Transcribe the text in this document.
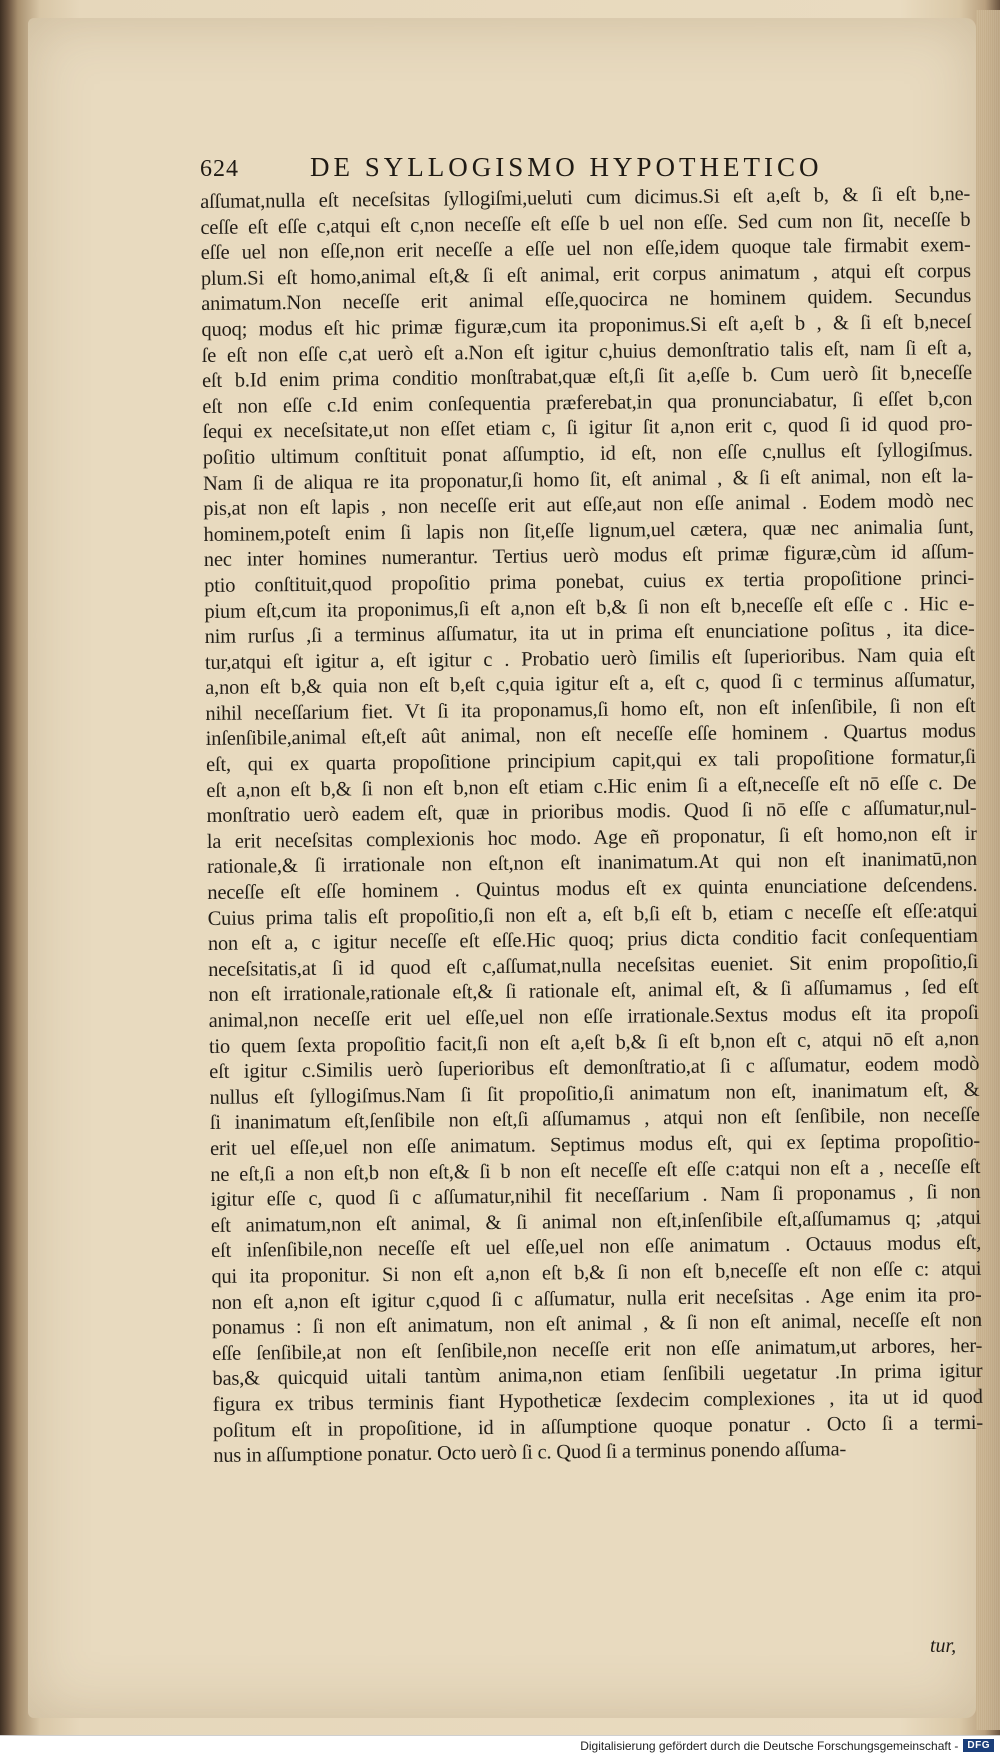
624	DE SYLLOGISMO HYPOTHETICO
aſſumat,nulla eſt neceſsitas ſyllogiſmi,ueluti cum dicimus.Si eſt a,eſt b, & ſi eſt b,ne-
ceſſe eſt eſſe c,atqui eſt c,non neceſſe eſt eſſe b uel non eſſe. Sed cum non ſit, neceſſe b
eſſe uel non eſſe,non erit neceſſe a eſſe uel non eſſe,idem quoque tale firmabit exem-
plum.Si eſt homo,animal eſt,& ſi eſt animal, erit corpus animatum , atqui eſt corpus
animatum.Non neceſſe erit animal eſſe,quocirca ne hominem quidem. Secundus
quoq; modus eſt hic primæ figuræ,cum ita proponimus.Si eſt a,eſt b , & ſi eſt b,neceſ
ſe eſt non eſſe c,at uerò eſt a.Non eſt igitur c,huius demonſtratio talis eſt, nam ſi eſt a,
eſt b.Id enim prima conditio monſtrabat,quæ eſt,ſi ſit a,eſſe b. Cum uerò ſit b,neceſſe
eſt non eſſe c.Id enim conſequentia præferebat,in qua pronunciabatur, ſi eſſet b,con
ſequi ex neceſsitate,ut non eſſet etiam c, ſi igitur ſit a,non erit c, quod ſi id quod pro-
poſitio ultimum conſtituit ponat aſſumptio, id eſt, non eſſe c,nullus eſt ſyllogiſmus.
Nam ſi de aliqua re ita proponatur,ſi homo ſit, eſt animal , & ſi eſt animal, non eſt la-
pis,at non eſt lapis , non neceſſe erit aut eſſe,aut non eſſe animal . Eodem modò nec
hominem,poteſt enim ſi lapis non ſit,eſſe lignum,uel cætera, quæ nec animalia ſunt,
nec inter homines numerantur. Tertius uerò modus eſt primæ figuræ,cùm id aſſum-
ptio conſtituit,quod propoſitio prima ponebat, cuius ex tertia propoſitione princi-
pium eſt,cum ita proponimus,ſi eſt a,non eſt b,& ſi non eſt b,neceſſe eſt eſſe c . Hic e-
nim rurſus ,ſi a terminus aſſumatur, ita ut in prima eſt enunciatione poſitus , ita dice-
tur,atqui eſt igitur a, eſt igitur c . Probatio uerò ſimilis eſt ſuperioribus. Nam quia eſt
a,non eſt b,& quia non eſt b,eſt c,quia igitur eſt a, eſt c, quod ſi c terminus aſſumatur,
nihil neceſſarium fiet. Vt ſi ita proponamus,ſi homo eſt, non eſt inſenſibile, ſi non eſt
inſenſibile,animal eſt,eſt aût animal, non eſt neceſſe eſſe hominem . Quartus modus
eſt, qui ex quarta propoſitione principium capit,qui ex tali propoſitione formatur,ſi
eſt a,non eſt b,& ſi non eſt b,non eſt etiam c.Hic enim ſi a eſt,neceſſe eſt nō eſſe c. De
monſtratio uerò eadem eſt, quæ in prioribus modis. Quod ſi nō eſſe c aſſumatur,nul-
la erit neceſsitas complexionis hoc modo. Age eñ proponatur, ſi eſt homo,non eſt ir
rationale,& ſi irrationale non eſt,non eſt inanimatum.At qui non eſt inanimatū,non
neceſſe eſt eſſe hominem . Quintus modus eſt ex quinta enunciatione deſcendens.
Cuius prima talis eſt propoſitio,ſi non eſt a, eſt b,ſi eſt b, etiam c neceſſe eſt eſſe:atqui
non eſt a, c igitur neceſſe eſt eſſe.Hic quoq; prius dicta conditio facit conſequentiam
neceſsitatis,at ſi id quod eſt c,aſſumat,nulla neceſsitas eueniet. Sit enim propoſitio,ſi
non eſt irrationale,rationale eſt,& ſi rationale eſt, animal eſt, & ſi aſſumamus , ſed eſt
animal,non neceſſe erit uel eſſe,uel non eſſe irrationale.Sextus modus eſt ita propoſi
tio quem ſexta propoſitio facit,ſi non eſt a,eſt b,& ſi eſt b,non eſt c, atqui nō eſt a,non
eſt igitur c.Similis uerò ſuperioribus eſt demonſtratio,at ſi c aſſumatur, eodem modò
nullus eſt ſyllogiſmus.Nam ſi ſit propoſitio,ſi animatum non eſt, inanimatum eſt, &
ſi inanimatum eſt,ſenſibile non eſt,ſi aſſumamus , atqui non eſt ſenſibile, non neceſſe
erit uel eſſe,uel non eſſe animatum. Septimus modus eſt, qui ex ſeptima propoſitio-
ne eſt,ſi a non eſt,b non eſt,& ſi b non eſt neceſſe eſt eſſe c:atqui non eſt a , neceſſe eſt
igitur eſſe c, quod ſi c aſſumatur,nihil fit neceſſarium . Nam ſi proponamus , ſi non
eſt animatum,non eſt animal, & ſi animal non eſt,inſenſibile eſt,aſſumamus q; ,atqui
eſt inſenſibile,non neceſſe eſt uel eſſe,uel non eſſe animatum . Octauus modus eſt,
qui ita proponitur. Si non eſt a,non eſt b,& ſi non eſt b,neceſſe eſt non eſſe c: atqui
non eſt a,non eſt igitur c,quod ſi c aſſumatur, nulla erit neceſsitas . Age enim ita pro-
ponamus : ſi non eſt animatum, non eſt animal , & ſi non eſt animal, neceſſe eſt non
eſſe ſenſibile,at non eſt ſenſibile,non neceſſe erit non eſſe animatum,ut arbores, her-
bas,& quicquid uitali tantùm anima,non etiam ſenſibili uegetatur .In prima igitur
figura ex tribus terminis fiant Hypotheticæ ſexdecim complexiones , ita ut id quod
poſitum eſt in propoſitione, id in aſſumptione quoque ponatur . Octo ſi a termi-
nus in aſſumptione ponatur. Octo uerò ſi c. Quod ſi a terminus ponendo aſſuma-
tur,
Digitalisierung gefördert durch die Deutsche Forschungsgemeinschaft - DFG
